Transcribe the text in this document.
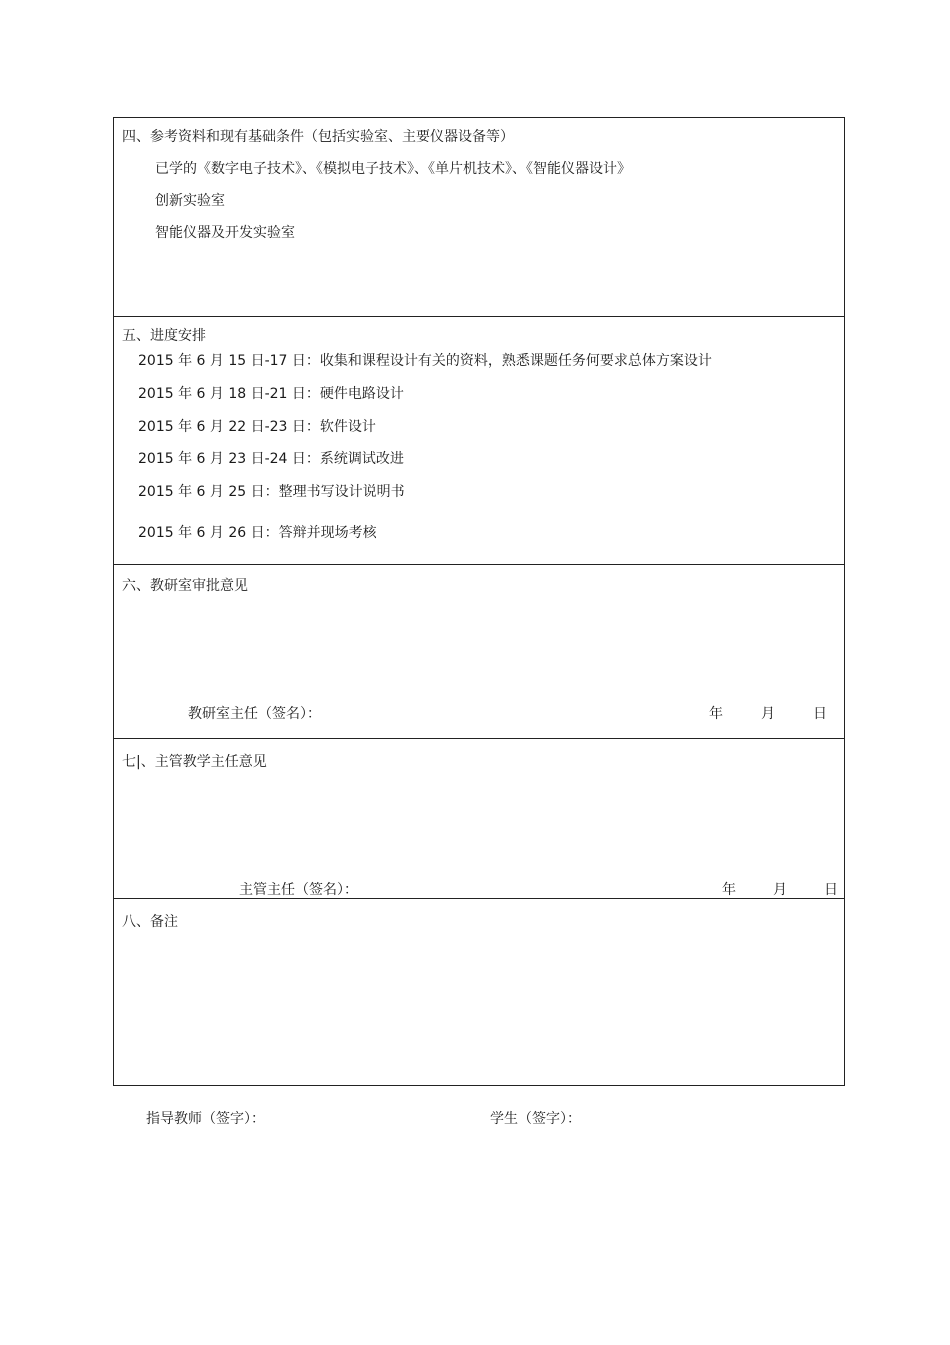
四、参考资料和现有基础条件（包括实验室、主要仪器设备等）
已学的《数字电子技术》、《模拟电子技术》、《单片机技术》、《智能仪器设计》
创新实验室
智能仪器及开发实验室
五、进度安排
2015 年 6 月 15 日-17 日：收集和课程设计有关的资料，熟悉课题任务何要求总体方案设计
2015 年 6 月 18 日-21 日：硬件电路设计
2015 年 6 月 22 日-23 日：软件设计
2015 年 6 月 23 日-24 日：系统调试改进
2015 年 6 月 25 日：整理书写设计说明书
2015 年 6 月 26 日：答辩并现场考核
六、教研室审批意见
教研室主任（签名）：	年	月	日
七|、主管教学主任意见
主管主任（签名）：	年	月	日
八、备注
指导教师（签字）：	学生（签字）：
